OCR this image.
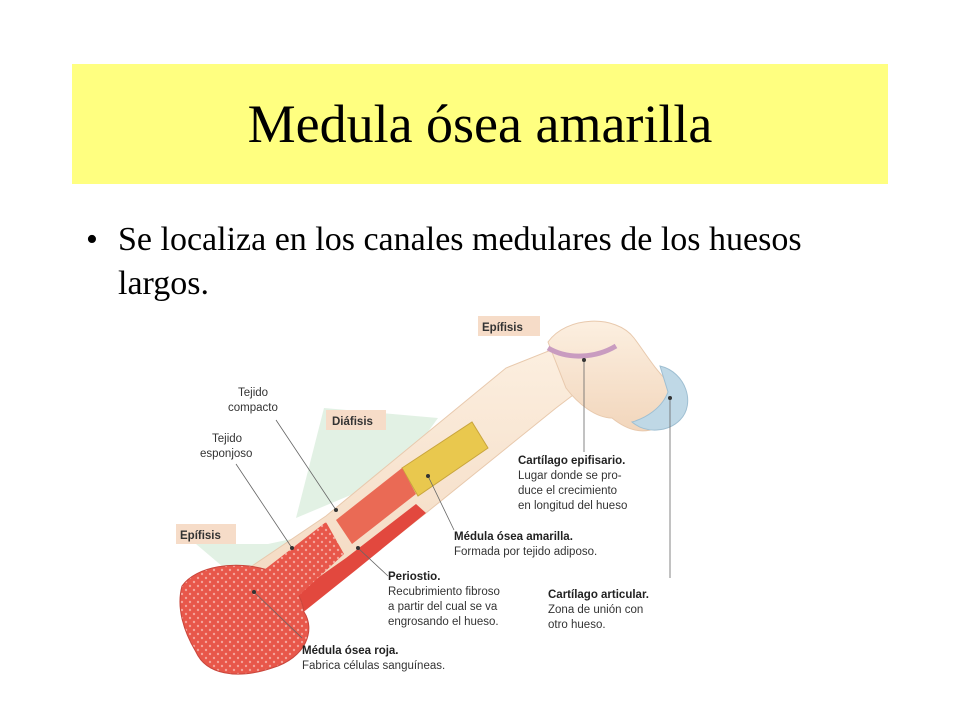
Medula ósea amarilla
• Se localiza en los canales medulares de los huesos largos.
Epífisis
Diáfisis
Epífisis
Tejido compacto
Tejido esponjoso
Cartílago epifisario. Lugar donde se pro- duce el crecimiento en longitud del hueso
Médula ósea amarilla. Formada por tejido adiposo.
Periostio. Recubrimiento fibroso a partir del cual se va engrosando el hueso.
Cartílago articular. Zona de unión con otro hueso.
Médula ósea roja. Fabrica células sanguíneas.
